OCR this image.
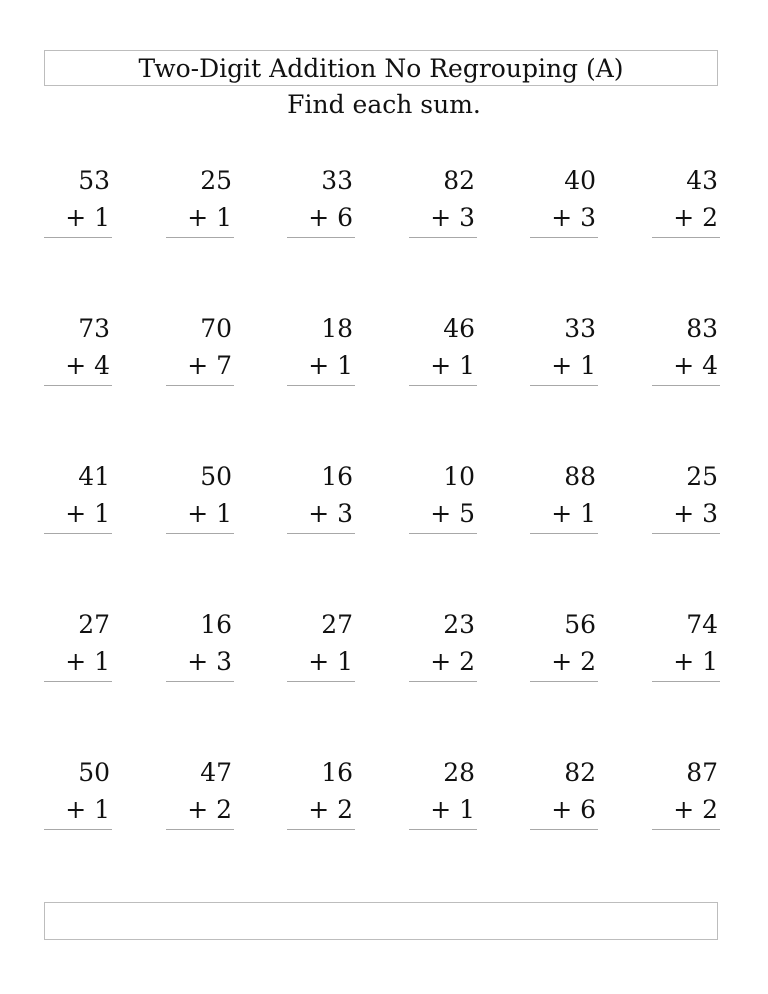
Two-Digit Addition No Regrouping (A)
Find each sum.
53
+ 1
25
+ 1
33
+ 6
82
+ 3
40
+ 3
43
+ 2
73
+ 4
70
+ 7
18
+ 1
46
+ 1
33
+ 1
83
+ 4
41
+ 1
50
+ 1
16
+ 3
10
+ 5
88
+ 1
25
+ 3
27
+ 1
16
+ 3
27
+ 1
23
+ 2
56
+ 2
74
+ 1
50
+ 1
47
+ 2
16
+ 2
28
+ 1
82
+ 6
87
+ 2
